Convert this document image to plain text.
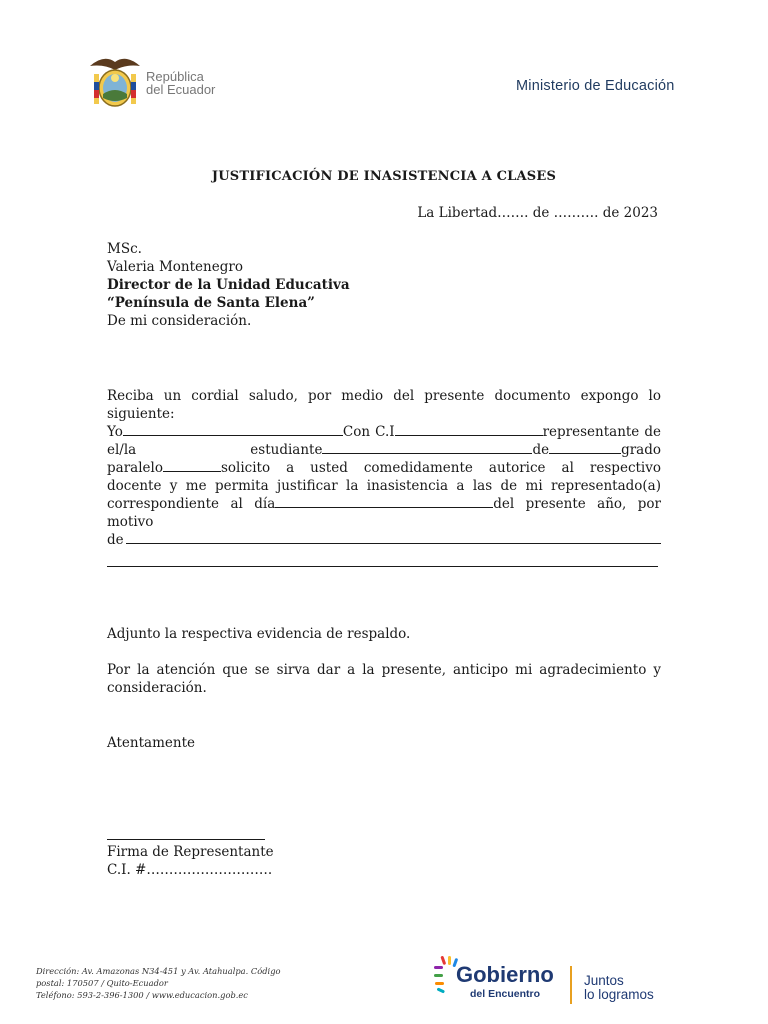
República
del Ecuador	Ministerio de Educación
JUSTIFICACIÓN DE INASISTENCIA A CLASES
La Libertad……. de ………. de 2023
MSc.
Valeria Montenegro
Director de la Unidad Educativa
“Península de Santa Elena”
De mi consideración.
Reciba un cordial saludo, por medio del presente documento expongo lo
siguiente:
Yo	Con C.I	representante de
el/la	estudiante	de	grado
paralelo	solicito a usted comedidamente autorice al respectivo
docente y me permita justificar la inasistencia a las de mi representado(a)
correspondiente al día	del presente año, por
motivo
de
Adjunto la respectiva evidencia de respaldo.
Por la atención que se sirva dar a la presente, anticipo mi agradecimiento y
consideración.
Atentamente
Firma de Representante
C.I. #……………………….
Dirección: Av. Amazonas N34-451 y Av. Atahualpa. Código
postal: 170507 / Quito-Ecuador
Teléfono: 593-2-396-1300 / www.educacion.gob.ec
Gobierno
del Encuentro
Juntos
lo logramos
